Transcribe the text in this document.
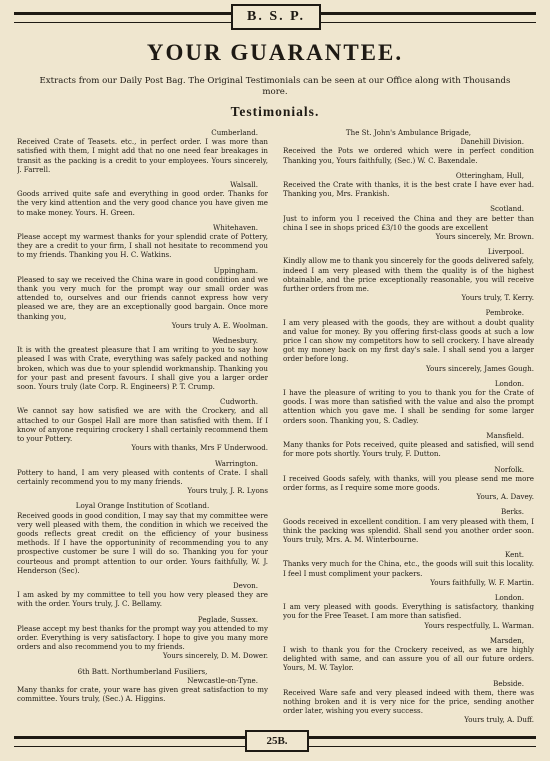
B. S. P.
YOUR GUARANTEE.
Extracts from our Daily Post Bag. The Original Testimonials can be seen at our Office along with Thousands more.
Testimonials.
Cumberland.
Received Crate of Teasets. etc., in perfect order. I was more than satisfied with them, I might add that no one need fear breakages in transit as the packing is a credit to your employees. Yours sincerely, J. Farrell.
Walsall.
Goods arrived quite safe and everything in good order. Thanks for the very kind attention and the very good chance you have given me to make money. Yours. H. Green.
Whitehaven.
Please accept my warmest thanks for your splendid crate of Pottery, they are a credit to your firm, I shall not hesitate to recommend you to my friends. Thanking you H. C. Watkins.
Uppingham.
Pleased to say we received the China ware in good condition and we thank you very much for the prompt way our small order was attended to, ourselves and our friends cannot express how very pleased we are, they are an exceptionally good bargain. Once more thanking you,
Yours truly A. E. Woolman.
Wednesbury.
It is with the greatest pleasure that I am writing to you to say how pleased I was with Crate, everything was safely packed and nothing broken, which was due to your splendid workmanship. Thanking you for your past and present favours. I shall give you a larger order soon. Yours truly (late Corp. R. Engineers) P. T. Crump.
Cudworth.
We cannot say how satisfied we are with the Crockery, and all attached to our Gospel Hall are more than satisfied with them. If I know of anyone requiring crockery I shall certainly recommend them to your Pottery.
Yours with thanks, Mrs F Underwood.
Warrington.
Pottery to hand, I am very pleased with contents of Crate. I shall certainly recommend you to my many friends.
Yours truly, J. R. Lyons
Loyal Orange Institution of Scotland.
Received goods in good condition, I may say that my committee were very well pleased with them, the condition in which we received the goods reflects great credit on the efficiency of your business methods. If I have the opportuninity of recommending you to any prospective customer be sure I will do so. Thanking you for your courteous and prompt attention to our order. Yours faithfully, W. J. Henderson (Sec).
Devon.
I am asked by my committee to tell you how very pleased they are with the order. Yours truly, J. C. Bellamy.
Peglade, Sussex.
Please accept my best thanks for the prompt way you attended to my order. Everything is very satisfactory. I hope to give you many more orders and also recommend you to my friends.
Yours sincerely, D. M. Dower.
6th Batt. Northumberland Fusiliers,
Newcastle-on-Tyne.
Many thanks for crate, your ware has given great satisfaction to my committee. Yours truly, (Sec.) A. Higgins.
The St. John's Ambulance Brigade,
Danehill Division.
Received the Pots we ordered which were in perfect condition Thanking you, Yours faithfully, (Sec.) W. C. Baxendale.
Otteringham, Hull,
Received the Crate with thanks, it is the best crate I have ever had. Thanking you, Mrs. Frankish.
Scotland.
Just to inform you I received the China and they are better than china I see in shops priced £3/10 the goods are excellent
Yours sincerely, Mr. Brown.
Liverpool.
Kindly allow me to thank you sincerely for the goods delivered safely, indeed I am very pleased with them the quality is of the highest obtainable, and the price exceptionally reasonable, you will receive further orders from me.
Yours truly, T. Kerry.
Pembroke.
I am very pleased with the goods, they are without a doubt quality and value for money. By you offering first-class goods at such a low price I can show my competitors how to sell crockery. I have already got my money back on my first day's sale. I shall send you a larger order before long.
Yours sincerely, James Gough.
London.
I have the pleasure of writing to you to thank you for the Crate of goods. I was more than satisfied with the value and also the prompt attention which you gave me. I shall be sending for some larger orders soon. Thanking you, S. Cadley.
Mansfield.
Many thanks for Pots received, quite pleased and satisfied, will send for more pots shortly. Yours truly, F. Dutton.
Norfolk.
I received Goods safely, with thanks, will you please send me more order forms, as I require some more goods.
Yours, A. Davey.
Berks.
Goods received in excellent condition. I am very pleased with them, I think the packing was splendid. Shall send you another order soon. Yours truly, Mrs. A. M. Winterbourne.
Kent.
Thanks very much for the China, etc., the goods will suit this locality. I feel I must compliment your packers.
Yours faithfully, W. F. Martin.
London.
I am very pleased with goods. Everything is satisfactory, thanking you for the Free Teaset. I am more than satisfied.
Yours respectfully, L. Warman.
Marsden,
I wish to thank you for the Crockery received, as we are highly delighted with same, and can assure you of all our future orders. Yours, M. W. Taylor.
Bebside.
Received Ware safe and very pleased indeed with them, there was nothing broken and it is very nice for the price, sending another order later, wishing you every success.
Yours truly, A. Duff.
25B.
